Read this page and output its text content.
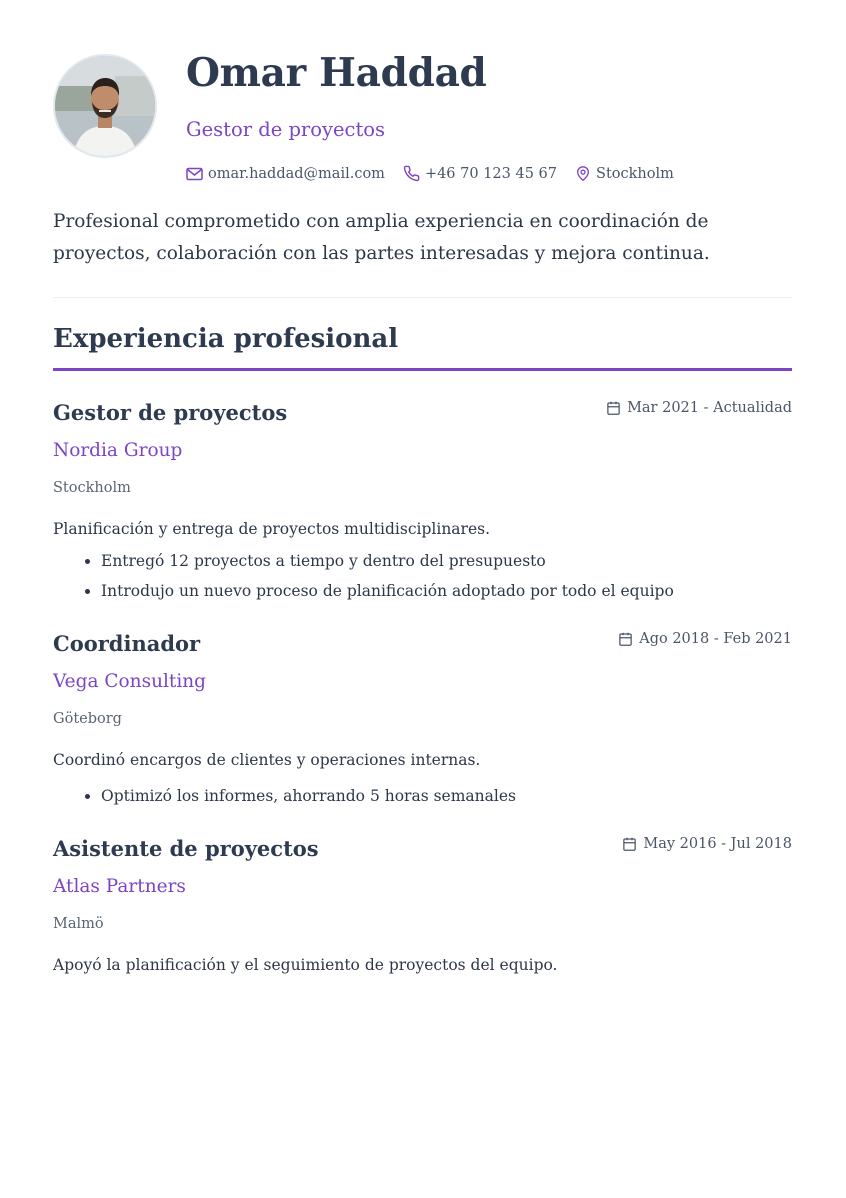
Omar Haddad
Gestor de proyectos
omar.haddad@mail.com	+46 70 123 45 67	Stockholm

Profesional comprometido con amplia experiencia en coordinación de proyectos, colaboración con las partes interesadas y mejora continua.

Experiencia profesional
Gestor de proyectos	Mar 2021 - Actualidad
Nordia Group
Stockholm
Planificación y entrega de proyectos multidisciplinares.
• Entregó 12 proyectos a tiempo y dentro del presupuesto
• Introdujo un nuevo proceso de planificación adoptado por todo el equipo
Coordinador	Ago 2018 - Feb 2021
Vega Consulting
Göteborg
Coordinó encargos de clientes y operaciones internas.
• Optimizó los informes, ahorrando 5 horas semanales
Asistente de proyectos	May 2016 - Jul 2018
Atlas Partners
Malmö
Apoyó la planificación y el seguimiento de proyectos del equipo.
